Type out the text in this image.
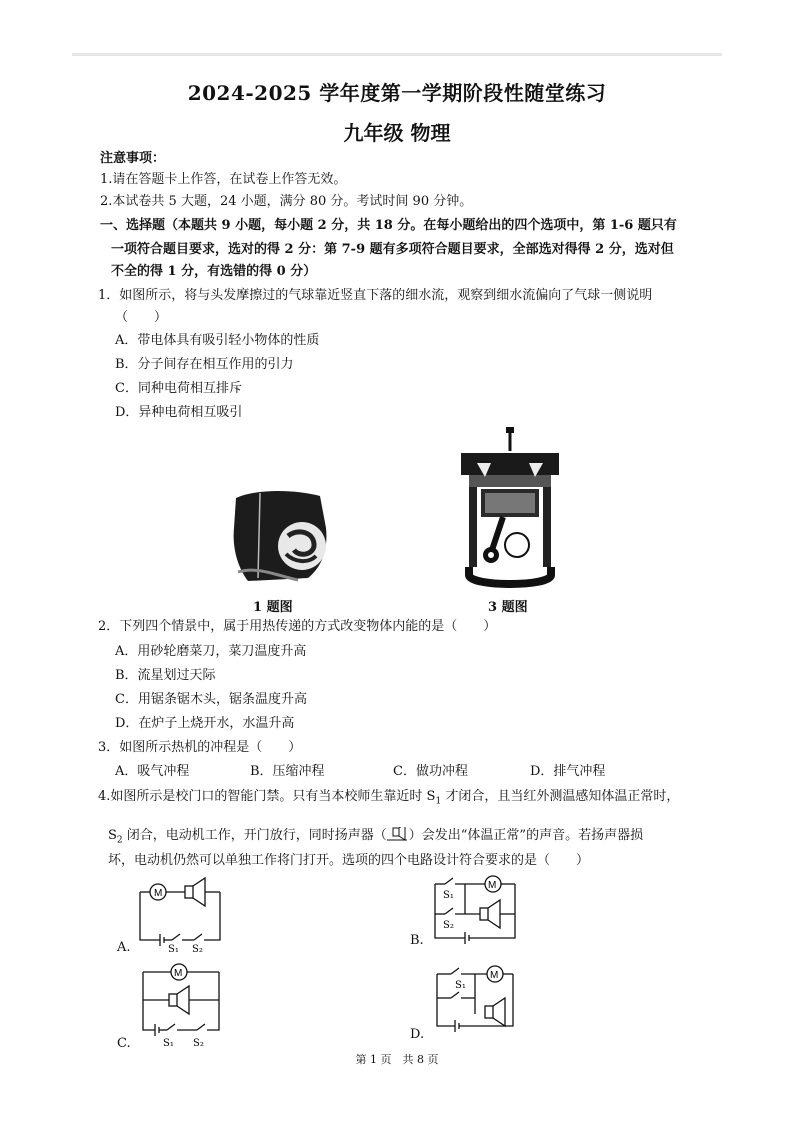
2024-2025 学年度第一学期阶段性随堂练习
九年级 物理
注意事项：
1.请在答题卡上作答，在试卷上作答无效。
2.本试卷共 5 大题，24 小题，满分 80 分。考试时间 90 分钟。
一、选择题（本题共 9 小题，每小题 2 分，共 18 分。在每小题给出的四个选项中，第 1-6 题只有
一项符合题目要求，选对的得 2 分：第 7-9 题有多项符合题目要求，全部选对得得 2 分，选对但
不全的得 1 分，有选错的得 0 分）
1．如图所示，将与头发摩擦过的气球靠近竖直下落的细水流，观察到细水流偏向了气球一侧说明
（　　）
A．带电体具有吸引轻小物体的性质
B．分子间存在相互作用的引力
C．同种电荷相互排斥
D．异种电荷相互吸引
1 题图	3 题图
2．下列四个情景中，属于用热传递的方式改变物体内能的是（　　）
A．用砂轮磨菜刀，菜刀温度升高
B．流星划过天际
C．用锯条锯木头，锯条温度升高
D．在炉子上烧开水，水温升高
3．如图所示热机的冲程是（　　）
A．吸气冲程	B．压缩冲程	C．做功冲程	D．排气冲程
4.如图所示是校门口的智能门禁。只有当本校师生靠近时 $S_1$ 才闭合，且当红外测温感知体温正常时，
$S_2$ 闭合，电动机工作，开门放行，同时扬声器（ ）会发出“体温正常”的声音。若扬声器损
坏，电动机仍然可以单独工作将门打开。选项的四个电路设计符合要求的是（　　）
M
S₁ S₂
A.
M
S₁
S₂
B.
M
S₁ S₂
C.
M
S₁
D.
第 1 页　共 8 页
